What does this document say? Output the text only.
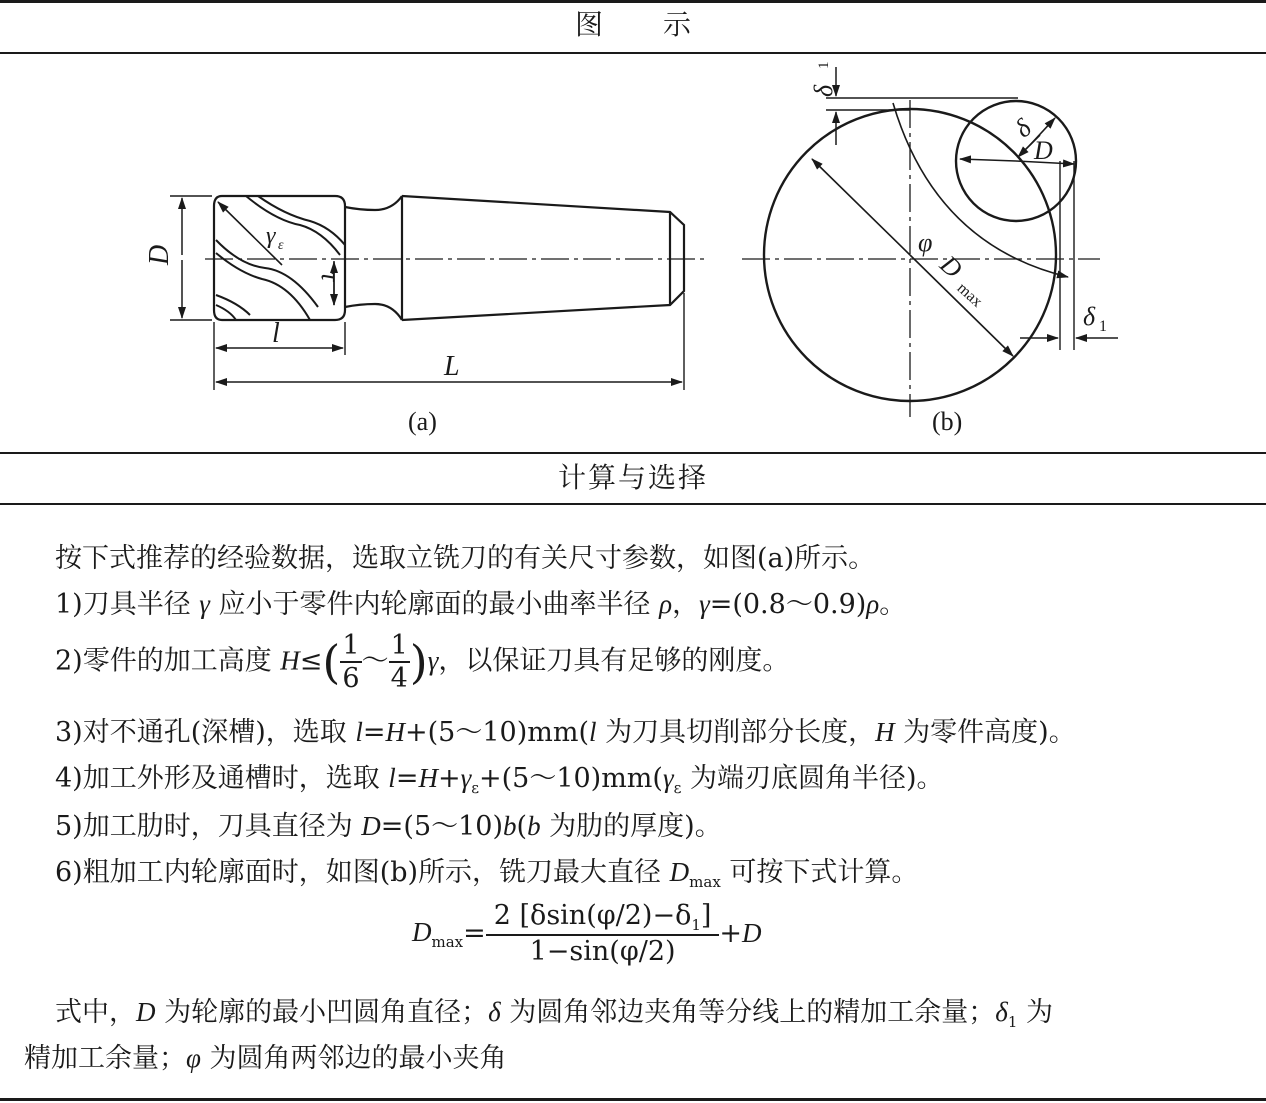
图示
D
γ ε
τ
l
L
(a)
δ
1
δ
D
φ
D
max
δ 1
(b)
计算与选择
按下式推荐的经验数据，选取立铣刀的有关尺寸参数，如图(a)所示。
1)刀具半径 γ 应小于零件内轮廓面的最小曲率半径 ρ，γ=(0.8～0.9)ρ。
2)零件的加工高度 $H\le( \frac{1}{6}$ ～ $\frac{1}{4} )\gamma$，以保证刀具有足够的刚度。
3)对不通孔(深槽)，选取 l=H+(5～10)mm(l 为刀具切削部分长度，H 为零件高度)。
4)加工外形及通槽时，选取 $l=H+\gamma_\varepsilon+(5\sim 10)mm(\gamma_\varepsilon$ 为端刃底圆角半径)。
5)加工肋时，刀具直径为 D=(5～10)b(b 为肋的厚度)。
6)粗加工内轮廓面时，如图(b)所示，铣刀最大直径 $D_{max}$ 可按下式计算。
$D_{max}= \frac{2 [\delta\sin(\varphi/2)-\delta_1]}{1-\sin(\varphi/2)} +D$
式中，D 为轮廓的最小凹圆角直径；δ 为圆角邻边夹角等分线上的精加工余量；$\delta_1$ 为
精加工余量；φ 为圆角两邻边的最小夹角
